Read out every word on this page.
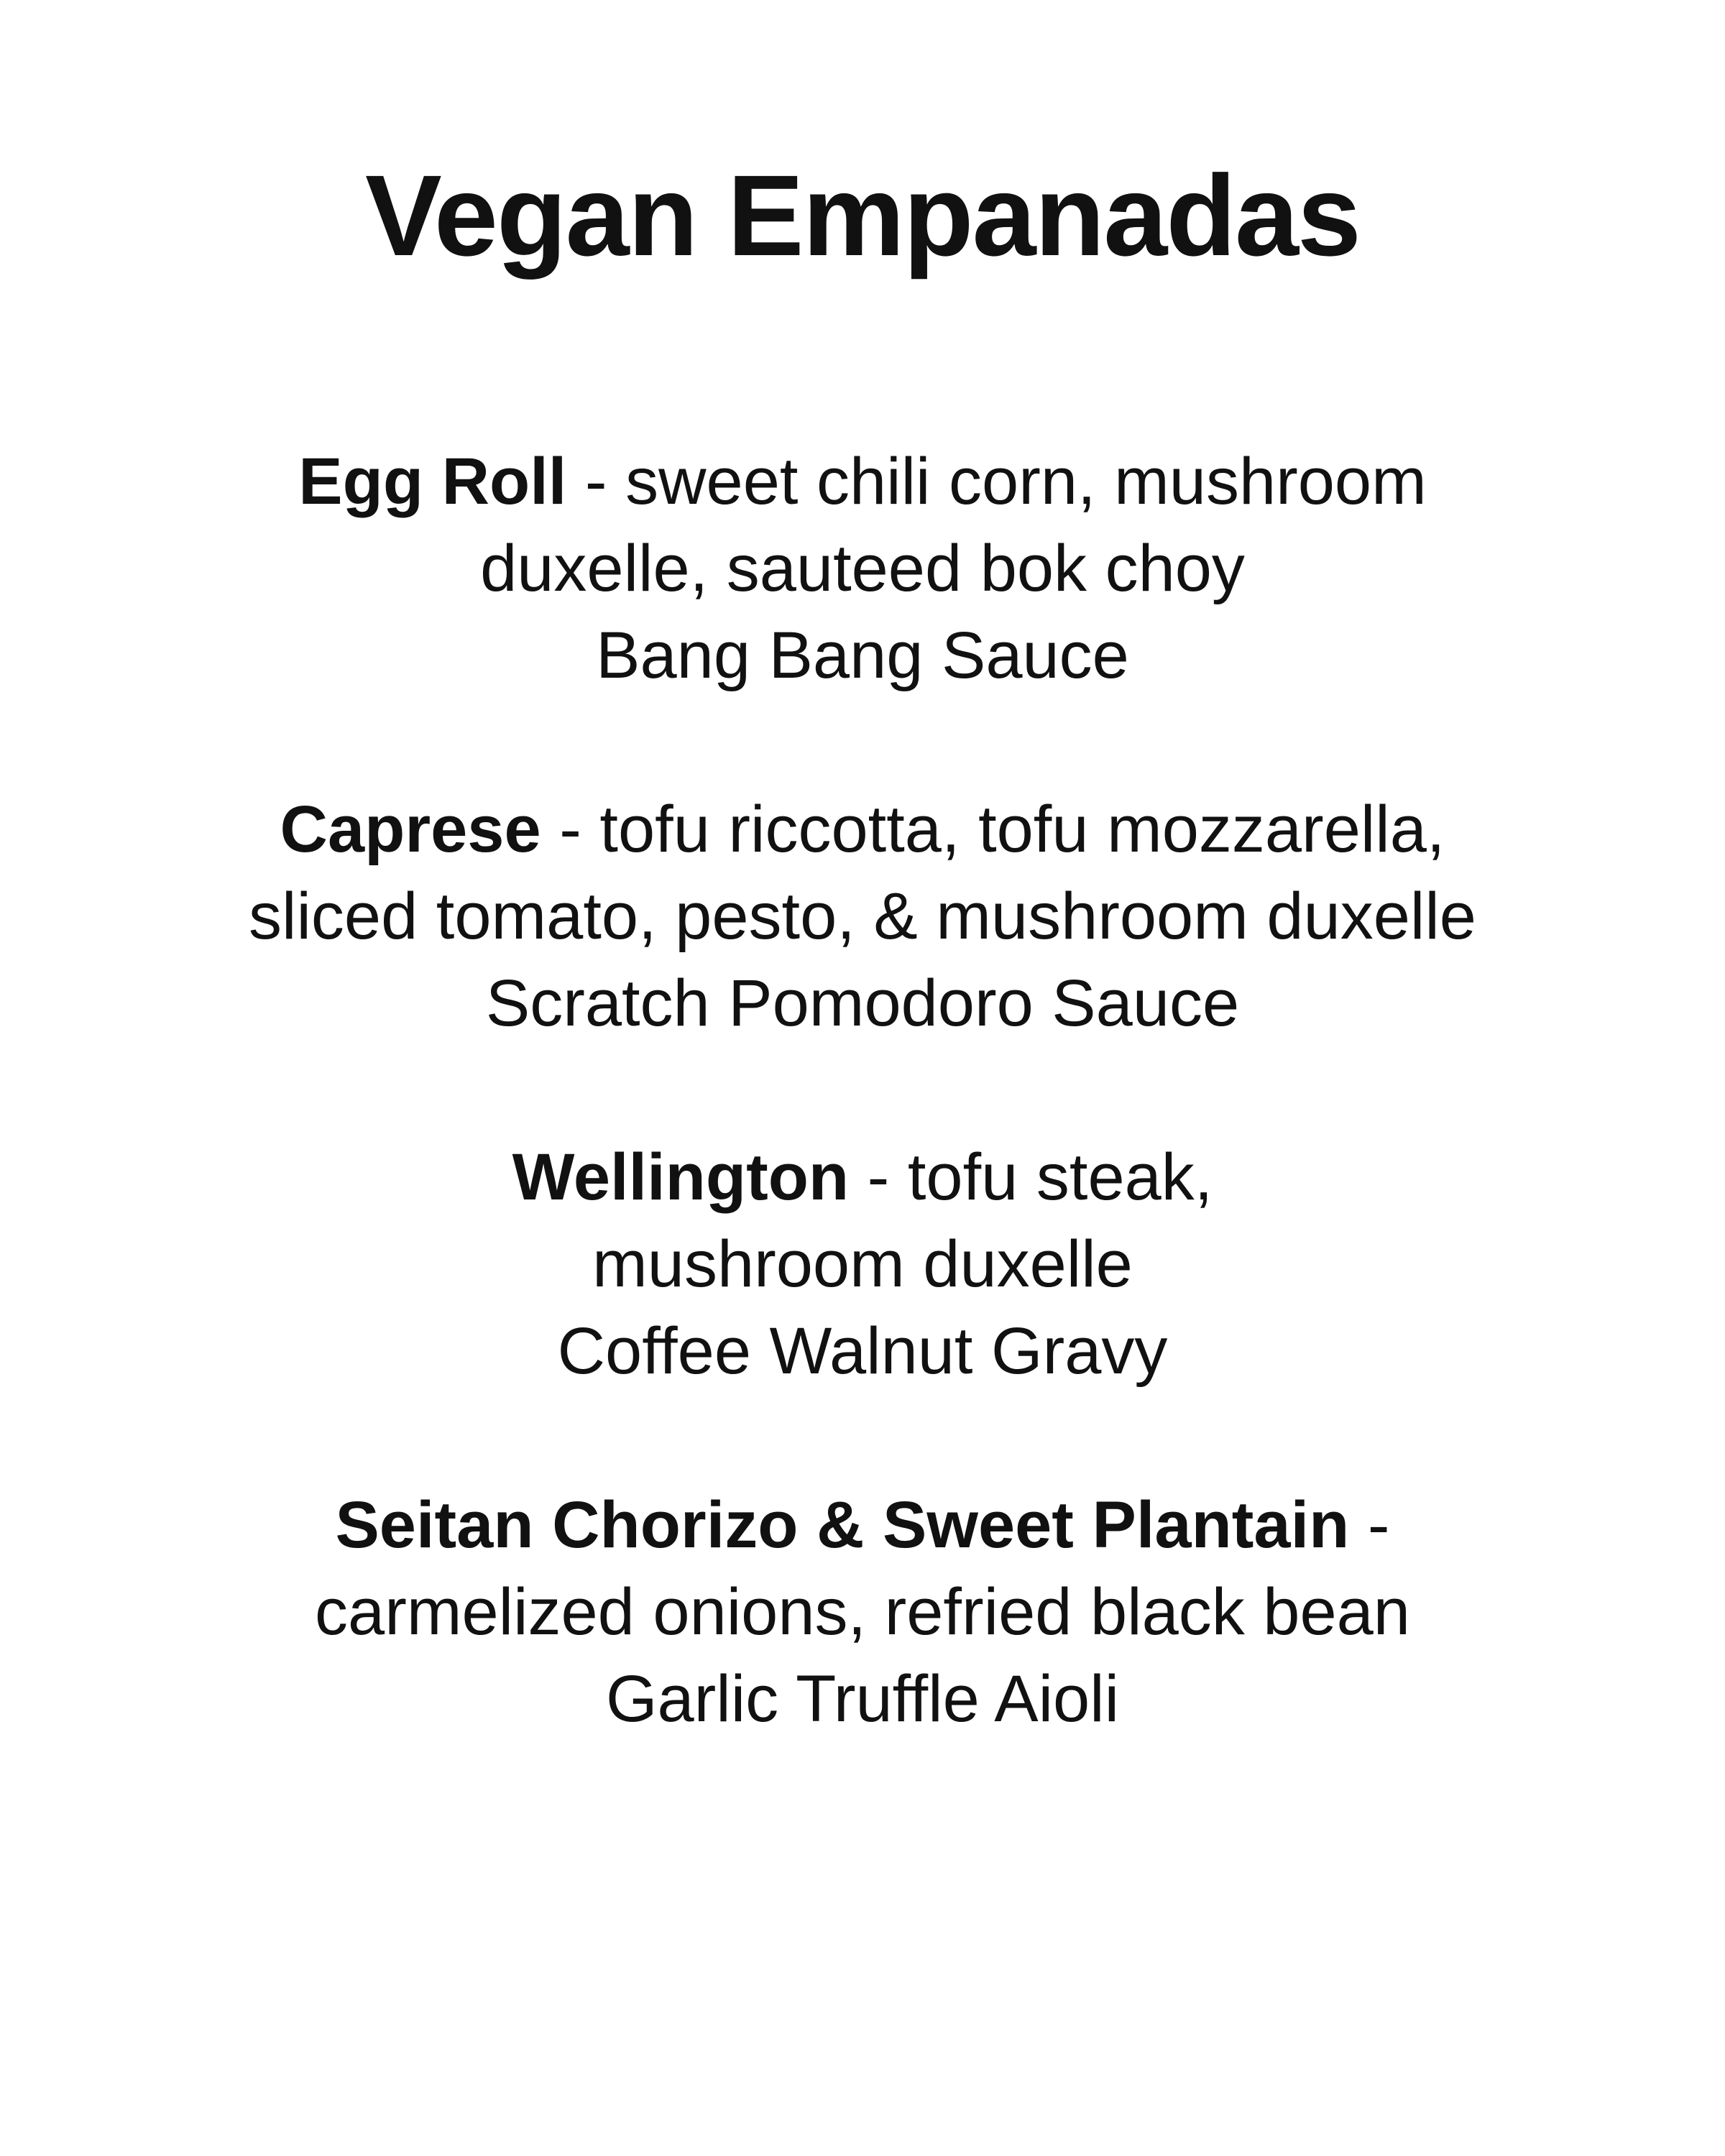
Vegan Empanadas
Egg Roll - sweet chili corn, mushroom
duxelle, sauteed bok choy
Bang Bang Sauce
Caprese - tofu riccotta, tofu mozzarella,
sliced tomato, pesto, & mushroom duxelle
Scratch Pomodoro Sauce
Wellington - tofu steak,
mushroom duxelle
Coffee Walnut Gravy
Seitan Chorizo & Sweet Plantain -
carmelized onions, refried black bean
Garlic Truffle Aioli
